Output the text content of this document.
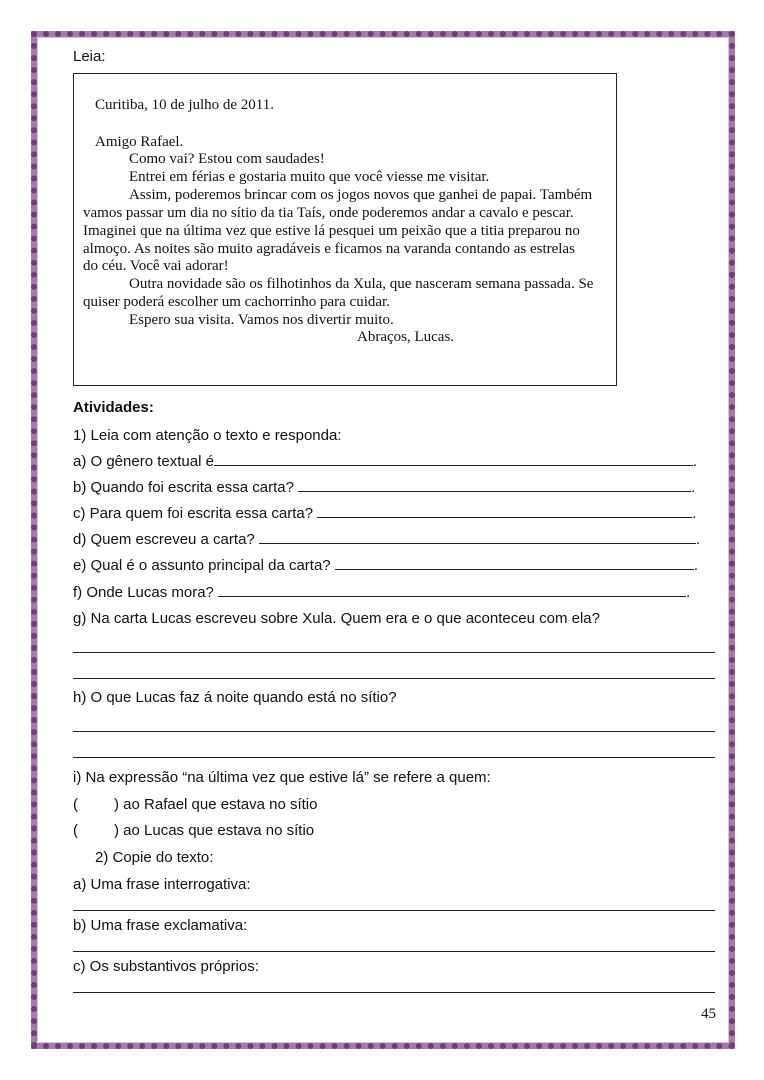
Leia:
Curitiba, 10 de julho de 2011.
Amigo Rafael.
Como vai? Estou com saudades!
Entrei em férias e gostaria muito que você viesse me visitar.
Assim, poderemos brincar com os jogos novos que ganhei de papai. Também
vamos passar um dia no sítio da tia Taís, onde poderemos andar a cavalo e pescar.
Imaginei que na última vez que estive lá pesquei um peixão que a titia preparou no
almoço. As noites são muito agradáveis e ficamos na varanda contando as estrelas
do céu. Você vai adorar!
Outra novidade são os filhotinhos da Xula, que nasceram semana passada. Se
quiser poderá escolher um cachorrinho para cuidar.
Espero sua visita. Vamos nos divertir muito.
Abraços, Lucas.
Atividades:
1) Leia com atenção o texto e responda:
a) O gênero textual é	.
b) Quando foi escrita essa carta?	.
c) Para quem foi escrita essa carta?	.
d) Quem escreveu a carta?	.
e) Qual é o assunto principal da carta?	.
f) Onde Lucas mora?	.
g) Na carta Lucas escreveu sobre Xula. Quem era e o que aconteceu com ela?
h) O que Lucas faz á noite quando está no sítio?
i) Na expressão “na última vez que estive lá” se refere a quem:
( ) ao Rafael que estava no sítio
( ) ao Lucas que estava no sítio
2) Copie do texto:
a) Uma frase interrogativa:
b) Uma frase exclamativa:
c) Os substantivos próprios:
45
